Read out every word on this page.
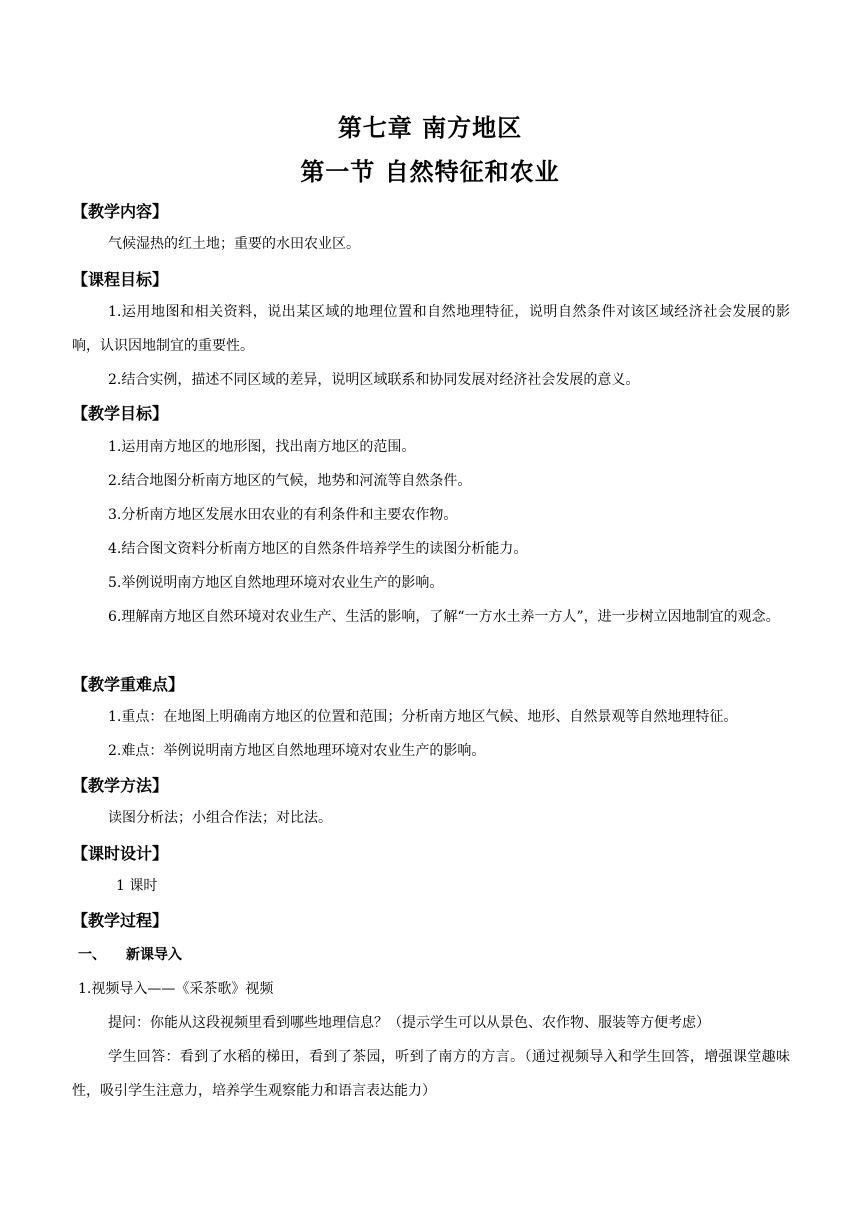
第七章 南方地区
第一节 自然特征和农业
【教学内容】
气候湿热的红土地；重要的水田农业区。
【课程目标】
1.运用地图和相关资料，说出某区域的地理位置和自然地理特征，说明自然条件对该区域经济社会发展的影响，认识因地制宜的重要性。
2.结合实例，描述不同区域的差异，说明区域联系和协同发展对经济社会发展的意义。
【教学目标】
1.运用南方地区的地形图，找出南方地区的范围。
2.结合地图分析南方地区的气候，地势和河流等自然条件。
3.分析南方地区发展水田农业的有利条件和主要农作物。
4.结合图文资料分析南方地区的自然条件培养学生的读图分析能力。
5.举例说明南方地区自然地理环境对农业生产的影响。
6.理解南方地区自然环境对农业生产、生活的影响，了解“一方水土养一方人”，进一步树立因地制宜的观念。
【教学重难点】
1.重点：在地图上明确南方地区的位置和范围；分析南方地区气候、地形、自然景观等自然地理特征。
2.难点：举例说明南方地区自然地理环境对农业生产的影响。
【教学方法】
读图分析法；小组合作法；对比法。
【课时设计】
1 课时
【教学过程】
一、 新课导入
1.视频导入——《采茶歌》视频
提问：你能从这段视频里看到哪些地理信息？（提示学生可以从景色、农作物、服装等方便考虑）
学生回答：看到了水稻的梯田，看到了茶园，听到了南方的方言。（通过视频导入和学生回答，增强课堂趣味性，吸引学生注意力，培养学生观察能力和语言表达能力）
